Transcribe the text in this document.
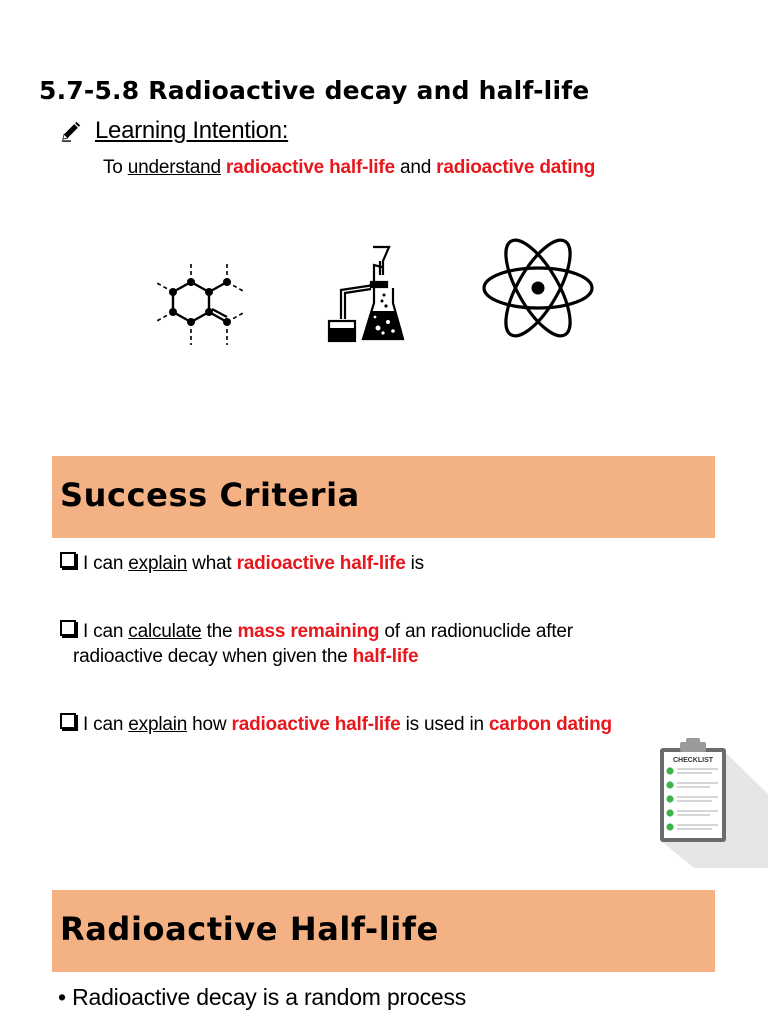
5.7-5.8 Radioactive decay and half-life
Learning Intention:
To understand radioactive half-life and radioactive dating
Success Criteria
I can explain what radioactive half-life is
I can calculate the mass remaining of an radionuclide after
radioactive decay when given the half-life
I can explain how radioactive half-life is used in carbon dating
CHECKLIST
Radioactive Half-life
• Radioactive decay is a random process
